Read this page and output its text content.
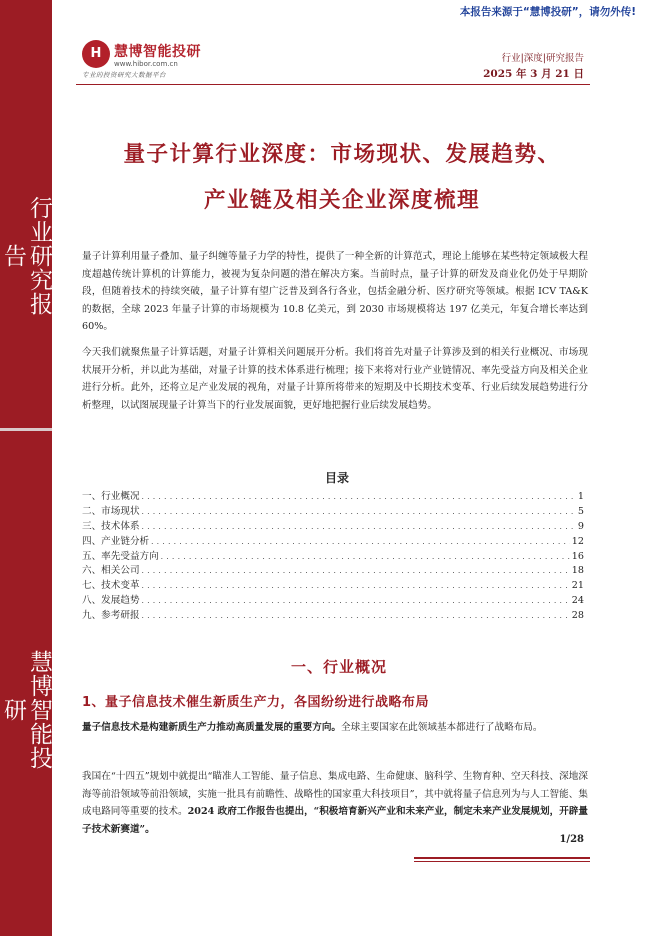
行业研究报告
慧博智能投研
本报告来源于“慧博投研”，请勿外传!
H 慧博智能投研
www.hibor.com.cn
专业的投资研究大数据平台
行业|深度|研究报告
2025 年 3 月 21 日
量子计算行业深度：市场现状、发展趋势、
产业链及相关企业深度梳理
量子计算利用量子叠加、量子纠缠等量子力学的特性，提供了一种全新的计算范式，理论上能够在某些特定领域极大程度超越传统计算机的计算能力，被视为复杂问题的潜在解决方案。当前时点，量子计算的研发及商业化仍处于早期阶段，但随着技术的持续突破，量子计算有望广泛普及到各行各业，包括金融分析、医疗研究等领域。根据 ICV TA&K 的数据，全球 2023 年量子计算的市场规模为 10.8 亿美元，到 2030 市场规模将达 197 亿美元，年复合增长率达到 60%。
今天我们就聚焦量子计算话题，对量子计算相关问题展开分析。我们将首先对量子计算涉及到的相关行业概况、市场现状展开分析，并以此为基础，对量子计算的技术体系进行梳理；接下来将对行业产业链情况、率先受益方向及相关企业进行分析。此外，还将立足产业发展的视角，对量子计算所将带来的短期及中长期技术变革、行业后续发展趋势进行分析整理，以试图展现量子计算当下的行业发展面貌，更好地把握行业后续发展趋势。
目录
一、行业概况 . . .	1
二、市场现状 . . .	5
三、技术体系 . . .	9
四、产业链分析 . . .	12
五、率先受益方向 . . .	16
六、相关公司 . . .	18
七、技术变革 . . .	21
八、发展趋势 . . .	24
九、参考研报 . . .	28
一、行业概况
1、量子信息技术催生新质生产力，各国纷纷进行战略布局
量子信息技术是构建新质生产力推动高质量发展的重要方向。全球主要国家在此领域基本都进行了战略布局。
我国在“十四五”规划中就提出“瞄准人工智能、量子信息、集成电路、生命健康、脑科学、生物育种、空天科技、深地深海等前沿领域等前沿领域，实施一批具有前瞻性、战略性的国家重大科技项目”，其中就将量子信息列为与人工智能、集成电路同等重要的技术。2024 政府工作报告也提出，“积极培育新兴产业和未来产业，制定未来产业发展规划，开辟量子技术新赛道”。
1/28
